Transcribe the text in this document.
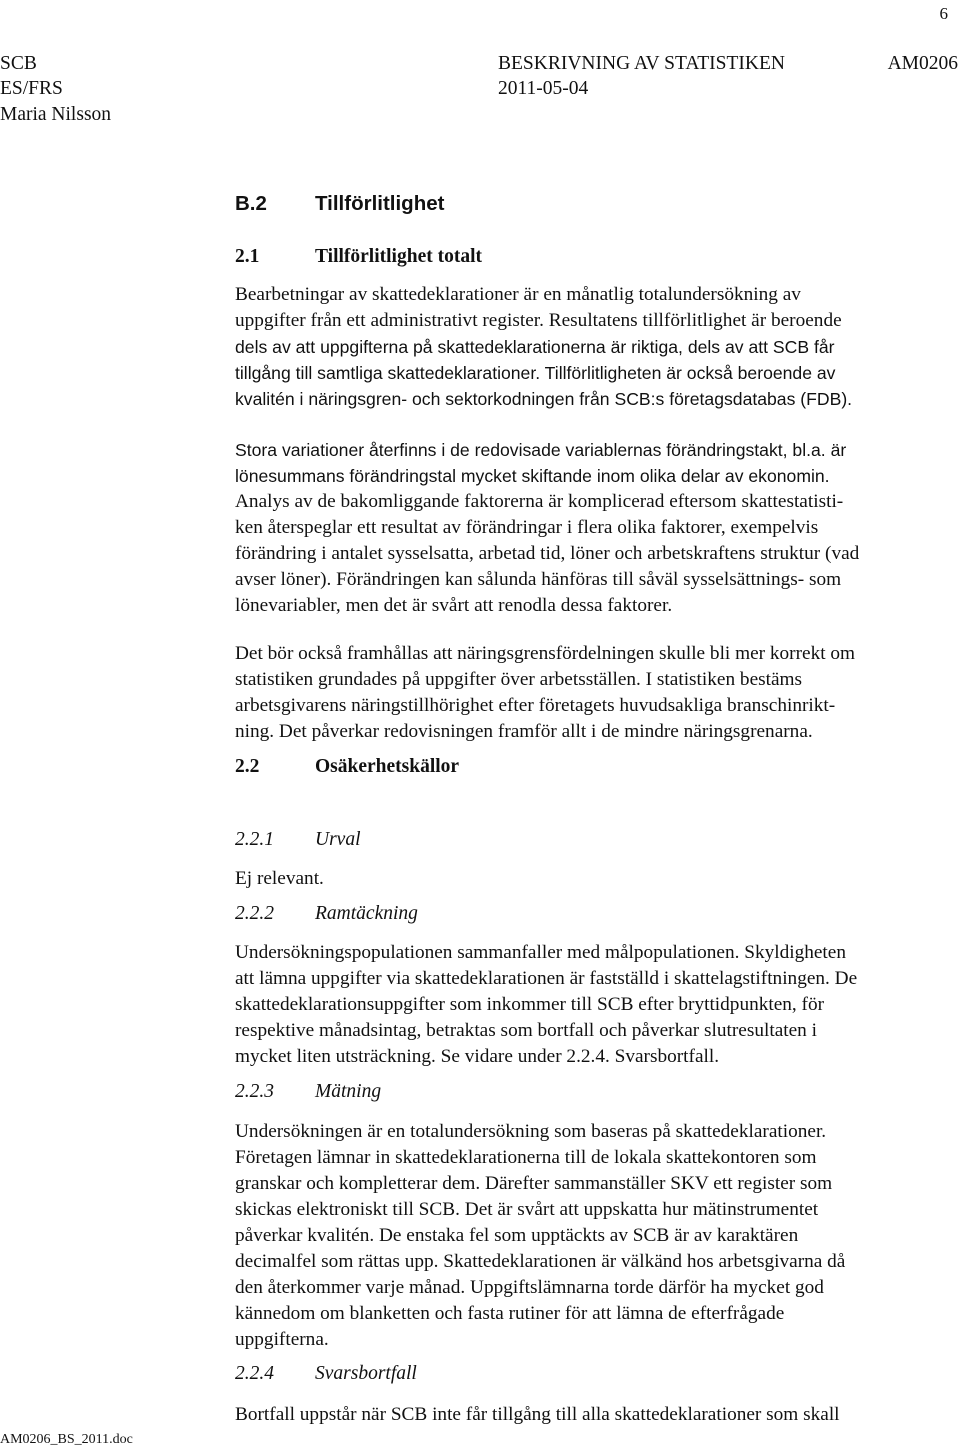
6
SCB	BESKRIVNING AV STATISTIKEN	AM0206
ES/FRS	2011-05-04
Maria Nilsson
B.2 Tillförlitlighet
2.1	Tillförlitlighet totalt
Bearbetningar av skattedeklarationer är en månatlig totalundersökning av
uppgifter från ett administrativt register. Resultatens tillförlitlighet är beroende
dels av att uppgifterna på skattedeklarationerna är riktiga, dels av att SCB får
tillgång till samtliga skattedeklarationer. Tillförlitligheten är också beroende av
kvalitén i näringsgren- och sektorkodningen från SCB:s företagsdatabas (FDB).
Stora variationer återfinns i de redovisade variablernas förändringstakt, bl.a. är
lönesummans förändringstal mycket skiftande inom olika delar av ekonomin.
Analys av de bakomliggande faktorerna är komplicerad eftersom skattestatisti-
ken återspeglar ett resultat av förändringar i flera olika faktorer, exempelvis
förändring i antalet sysselsatta, arbetad tid, löner och arbetskraftens struktur (vad
avser löner). Förändringen kan sålunda hänföras till såväl sysselsättnings- som
lönevariabler, men det är svårt att renodla dessa faktorer.
Det bör också framhållas att näringsgrensfördelningen skulle bli mer korrekt om
statistiken grundades på uppgifter över arbetsställen. I statistiken bestäms
arbetsgivarens näringstillhörighet efter företagets huvudsakliga branschinrikt-
ning. Det påverkar redovisningen framför allt i de mindre näringsgrenarna.
2.2	Osäkerhetskällor
2.2.1 Urval
Ej relevant.
2.2.2 Ramtäckning
Undersökningspopulationen sammanfaller med målpopulationen. Skyldigheten
att lämna uppgifter via skattedeklarationen är fastställd i skattelagstiftningen. De
skattedeklarationsuppgifter som inkommer till SCB efter bryttidpunkten, för
respektive månadsintag, betraktas som bortfall och påverkar slutresultaten i
mycket liten utsträckning. Se vidare under 2.2.4. Svarsbortfall.
2.2.3 Mätning
Undersökningen är en totalundersökning som baseras på skattedeklarationer.
Företagen lämnar in skattedeklarationerna till de lokala skattekontoren som
granskar och kompletterar dem. Därefter sammanställer SKV ett register som
skickas elektroniskt till SCB. Det är svårt att uppskatta hur mätinstrumentet
påverkar kvalitén. De enstaka fel som upptäckts av SCB är av karaktären
decimalfel som rättas upp. Skattedeklarationen är välkänd hos arbetsgivarna då
den återkommer varje månad. Uppgiftslämnarna torde därför ha mycket god
kännedom om blanketten och fasta rutiner för att lämna de efterfrågade
uppgifterna.
2.2.4 Svarsbortfall
Bortfall uppstår när SCB inte får tillgång till alla skattedeklarationer som skall
AM0206_BS_2011.doc
